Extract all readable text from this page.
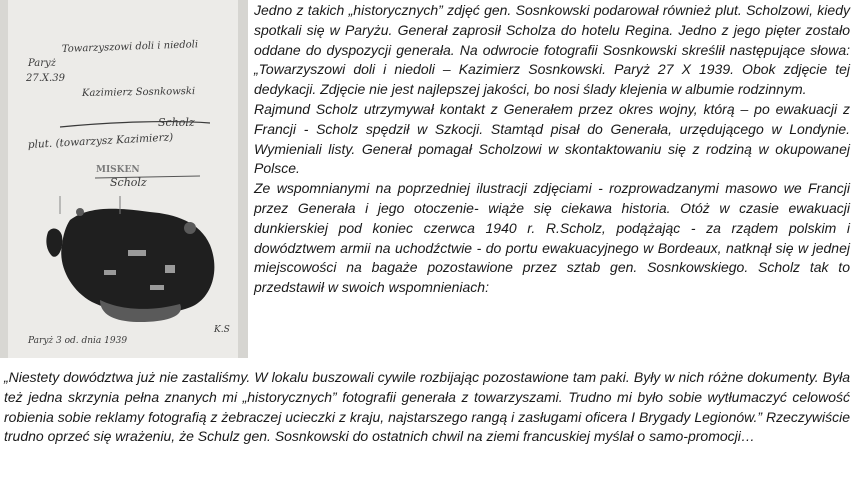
Towarzyszowi doli i niedoli
Paryż
27.X.39
Kazimierz Sosnkowski
Scholz
plut. (towarzysz Kazimierz)
MISKEN
Scholz
Paryż 3 od. dnia 1939
K.S

Jedno z takich „historycznych” zdjęć gen. Sosnkowski podarował również plut. Scholzowi, kiedy spotkali się w Paryżu. Generał zaprosił Scholza do hotelu Regina. Jedno z jego pięter zostało oddane do dyspozycji generała. Na odwrocie fotografii Sosnkowski skreślił następujące słowa: „Towarzyszowi doli i niedoli – Kazimierz Sosnkowski. Paryż 27 X 1939. Obok zdjęcie tej dedykacji. Zdjęcie nie jest najlepszej jakości, bo nosi ślady klejenia w albumie rodzinnym.

Rajmund Scholz utrzymywał kontakt z Generałem przez okres wojny, którą – po ewakuacji z Francji - Scholz spędził w Szkocji. Stamtąd pisał do Generała, urzędującego w Londynie. Wymieniali listy. Generał pomagał Scholzowi w skontaktowaniu się z rodziną w okupowanej Polsce.

Ze wspomnianymi na poprzedniej ilustracji zdjęciami - rozprowadzanymi masowo we Francji przez Generała i jego otoczenie- wiąże się ciekawa historia. Otóż w czasie ewakuacji dunkierskiej pod koniec czerwca 1940 r. R.Scholz, podążając - za rządem polskim i dowództwem armii na uchodźctwie - do portu ewakuacyjnego w Bordeaux, natknął się w jednej miejscowości na bagaże pozostawione przez sztab gen. Sosnkowskiego. Scholz tak to przedstawił w swoich wspomnieniach:

„Niestety dowództwa już nie zastaliśmy. W lokalu buszowali cywile rozbijając pozostawione tam paki. Były w nich różne dokumenty. Była też jedna skrzynia pełna znanych mi „historycznych” fotografii generała z towarzyszami. Trudno mi było sobie wytłumaczyć celowość robienia sobie reklamy fotografią z żebraczej ucieczki z kraju, najstarszego rangą i zasługami oficera I Brygady Legionów.” Rzeczywiście trudno oprzeć się wrażeniu, że Schulz gen. Sosnkowski do ostatnich chwil na ziemi francuskiej myślał o samo-promocji…
